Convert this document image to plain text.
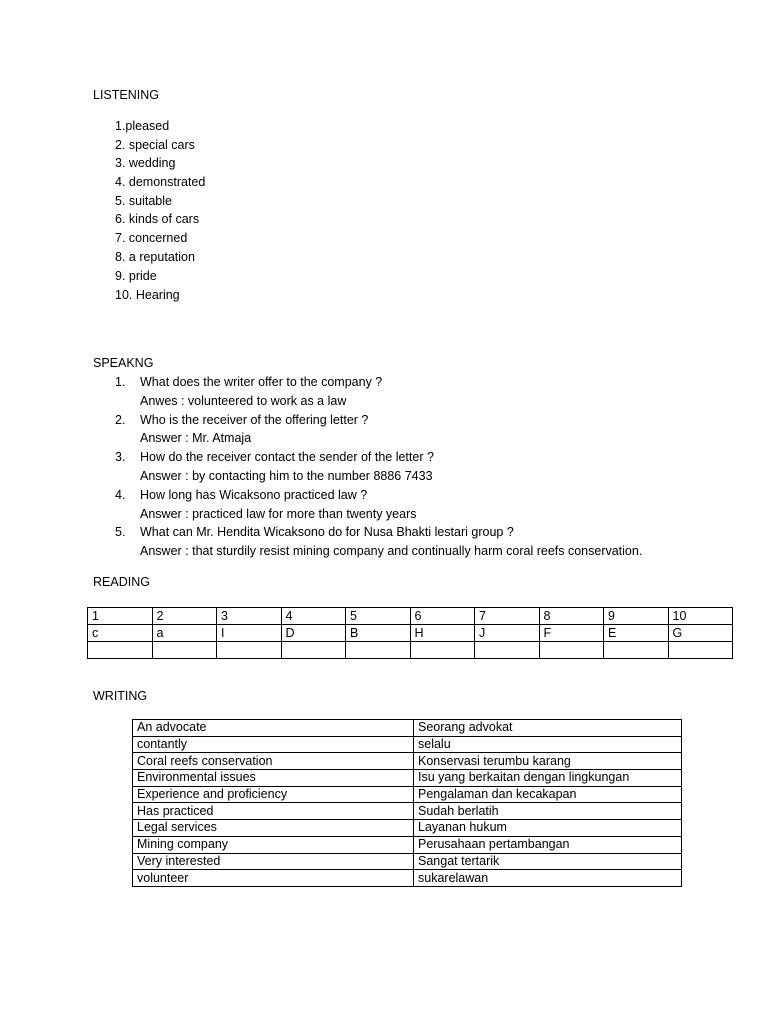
LISTENING
1.pleased
2. special cars
3. wedding
4. demonstrated
5. suitable
6. kinds of cars
7. concerned
8. a reputation
9. pride
10. Hearing
SPEAKNG
1. What does the writer offer to the company ?
Anwes : volunteered to work as a law
2. Who is the receiver of the offering letter ?
Answer : Mr. Atmaja
3. How do the receiver contact the sender of the letter ?
Answer : by contacting him to the number 8886 7433
4. How long has Wicaksono practiced law ?
Answer : practiced law for more than twenty years
5. What can Mr. Hendita Wicaksono do for Nusa Bhakti lestari group ?
Answer : that sturdily resist mining company and continually harm coral reefs conservation.
READING
1	2	3	4	5	6	7	8	9	10
c	a	I	D	B	H	J	F	E	G

WRITING
An advocate	Seorang advokat
contantly	selalu
Coral reefs conservation	Konservasi terumbu karang
Environmental issues	Isu yang berkaitan dengan lingkungan
Experience and proficiency	Pengalaman dan kecakapan
Has practiced	Sudah berlatih
Legal services	Layanan hukum
Mining company	Perusahaan pertambangan
Very interested	Sangat tertarik
volunteer	sukarelawan
